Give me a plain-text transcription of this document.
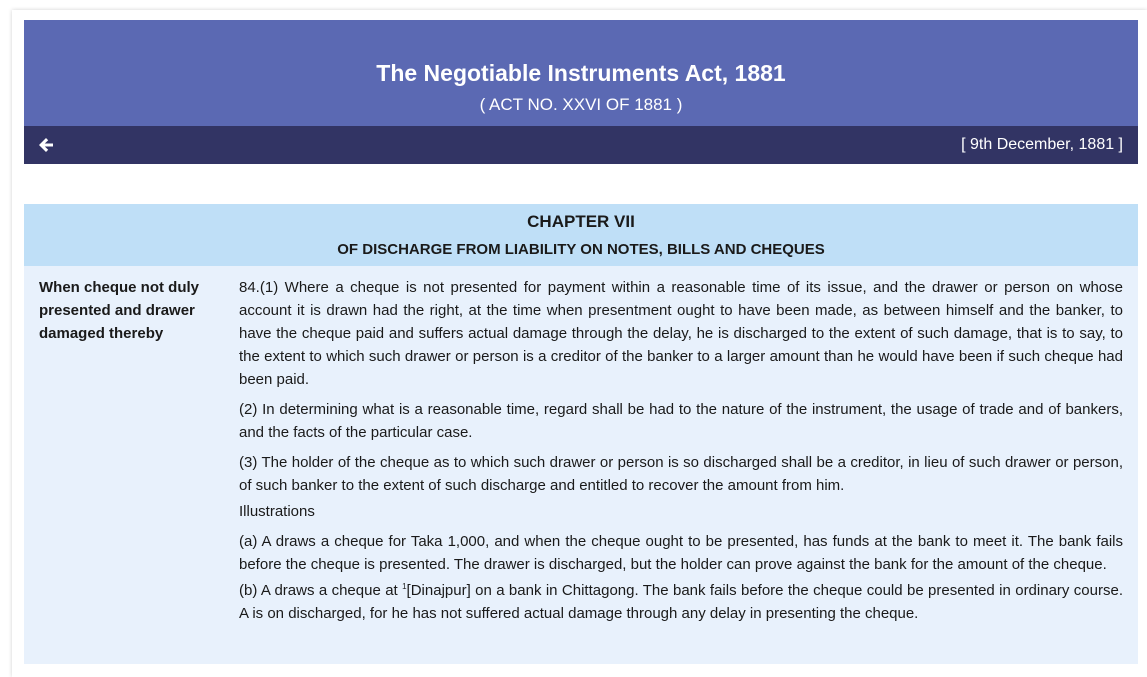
The Negotiable Instruments Act, 1881
( ACT NO. XXVI OF 1881 )
[ 9th December, 1881 ]
CHAPTER VII
OF DISCHARGE FROM LIABILITY ON NOTES, BILLS AND CHEQUES
When cheque not duly presented and drawer damaged thereby

84.(1) Where a cheque is not presented for payment within a reasonable time of its issue, and the drawer or person on whose account it is drawn had the right, at the time when presentment ought to have been made, as between himself and the banker, to have the cheque paid and suffers actual damage through the delay, he is discharged to the extent of such damage, that is to say, to the extent to which such drawer or person is a creditor of the banker to a larger amount than he would have been if such cheque had been paid.

(2) In determining what is a reasonable time, regard shall be had to the nature of the instrument, the usage of trade and of bankers, and the facts of the particular case.

(3) The holder of the cheque as to which such drawer or person is so discharged shall be a creditor, in lieu of such drawer or person, of such banker to the extent of such discharge and entitled to recover the amount from him.

Illustrations

(a) A draws a cheque for Taka 1,000, and when the cheque ought to be presented, has funds at the bank to meet it. The bank fails before the cheque is presented. The drawer is discharged, but the holder can prove against the bank for the amount of the cheque.

(b) A draws a cheque at $^1$[Dinajpur] on a bank in Chittagong. The bank fails before the cheque could be presented in ordinary course. A is on discharged, for he has not suffered actual damage through any delay in presenting the cheque.
